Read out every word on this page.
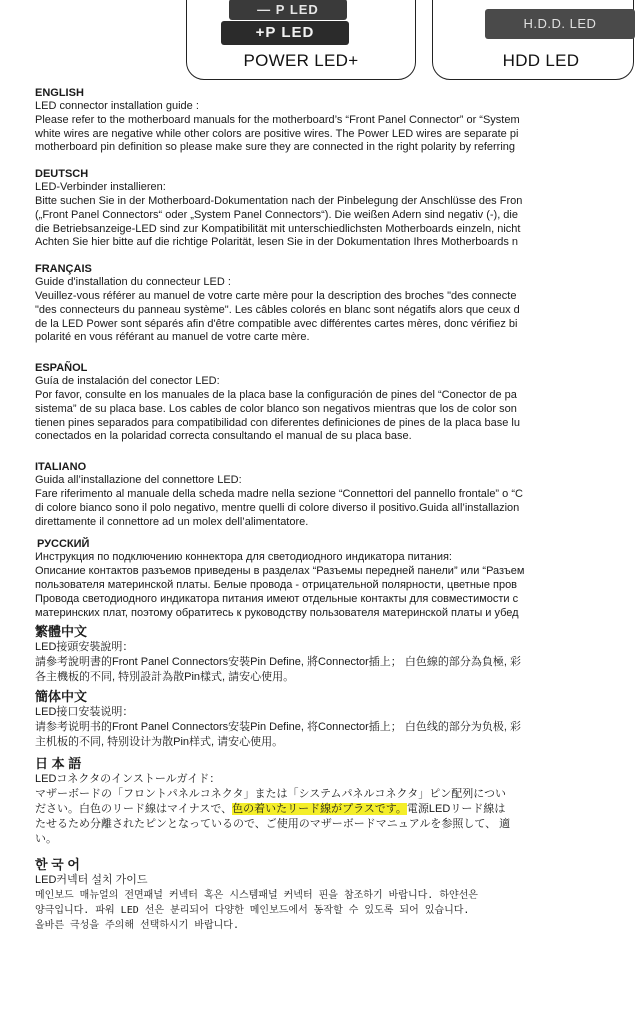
— P LED
+P LED
POWER LED+
H.D.D. LED
HDD LED
ENGLISH
LED connector installation guide :
Please refer to the motherboard manuals for the motherboard’s “Front Panel Connector” or “System
white wires are negative while other colors are positive wires. The Power LED wires are separate pi
motherboard pin definition so please make sure they are connected in the right polarity by referring
DEUTSCH
LED-Verbinder installieren:
Bitte suchen Sie in der Motherboard-Dokumentation nach der Pinbelegung der Anschlüsse des Fron
(„Front Panel Connectors“ oder „System Panel Connectors“). Die weißen Adern sind negativ (-), die
die Betriebsanzeige-LED sind zur Kompatibilität mit unterschiedlichsten Motherboards einzeln, nicht
Achten Sie hier bitte auf die richtige Polarität, lesen Sie in der Dokumentation Ihres Motherboards n
FRANÇAIS
Guide d'installation du connecteur LED :
Veuillez-vous référer au manuel de votre carte mère pour la description des broches "des connecte
"des connecteurs du panneau système". Les câbles colorés en blanc sont négatifs alors que ceux d
de la LED Power sont séparés afin d'être compatible avec différentes cartes mères, donc vérifiez bi
polarité en vous référant au manuel de votre carte mère.
ESPAÑOL
Guía de instalación del conector LED:
Por favor, consulte en los manuales de la placa base la configuración de pines del “Conector de pa
sistema” de su placa base. Los cables de color blanco son negativos mientras que los de color son
tienen pines separados para compatibilidad con diferentes definiciones de pines de la placa base lu
conectados en la polaridad correcta consultando el manual de su placa base.
ITALIANO
Guida all’installazione del connettore LED:
Fare riferimento al manuale della scheda madre nella sezione “Connettori del pannello frontale” o “C
di colore bianco sono il polo negativo, mentre quelli di colore diverso il positivo.Guida all’installazion
direttamente il connettore ad un molex dell’alimentatore.
РУССКИЙ
Инструкция по подключению коннектора для светодиодного индикатора питания:
Описание контактов разъемов приведены в разделах “Разъемы передней панели” или “Разъем
пользователя материнской платы. Белые провода - отрицательной полярности, цветные пров
Провода светодиодного индикатора питания имеют отдельные контакты для совместимости с
материнских плат, поэтому обратитесь к руководству пользователя материнской платы и убед
繁體中文
LED接頭安裝說明：
請參考說明書的Front Panel Connectors安裝Pin Define, 將Connector插上； 白色線的部分為負極, 彩
各主機板的不同, 特別設計為散Pin樣式, 請安心使用。
簡体中文
LED接口安装说明：
请参考说明书的Front Panel Connectors安装Pin Define, 将Connector插上； 白色线的部分为负极, 彩
主机板的不同, 特别设计为散Pin样式, 请安心使用。
日 本 語
LEDコネクタのインストールガイド：
マザーボードの「フロントパネルコネクタ」または「システムパネルコネクタ」ピン配列につい
ださい。白色のリード線はマイナスで、色の着いたリード線がプラスです。電源LEDリード線は
たせるため分離されたピンとなっているので、ご使用のマザーボードマニュアルを参照して、 適
い。
한 국 어
LED커넥터 설치 가이드
메인보드 매뉴얼의 전면패널 커넥터 혹은 시스템패널 커넥터 핀을 참조하기 바랍니다. 하얀선은
양극입니다. 파워 LED 선은 분리되어 다양한 메인보드에서 동작할 수 있도록 되어 있습니다.
올바른 극성을 주의해 선택하시기 바랍니다.
